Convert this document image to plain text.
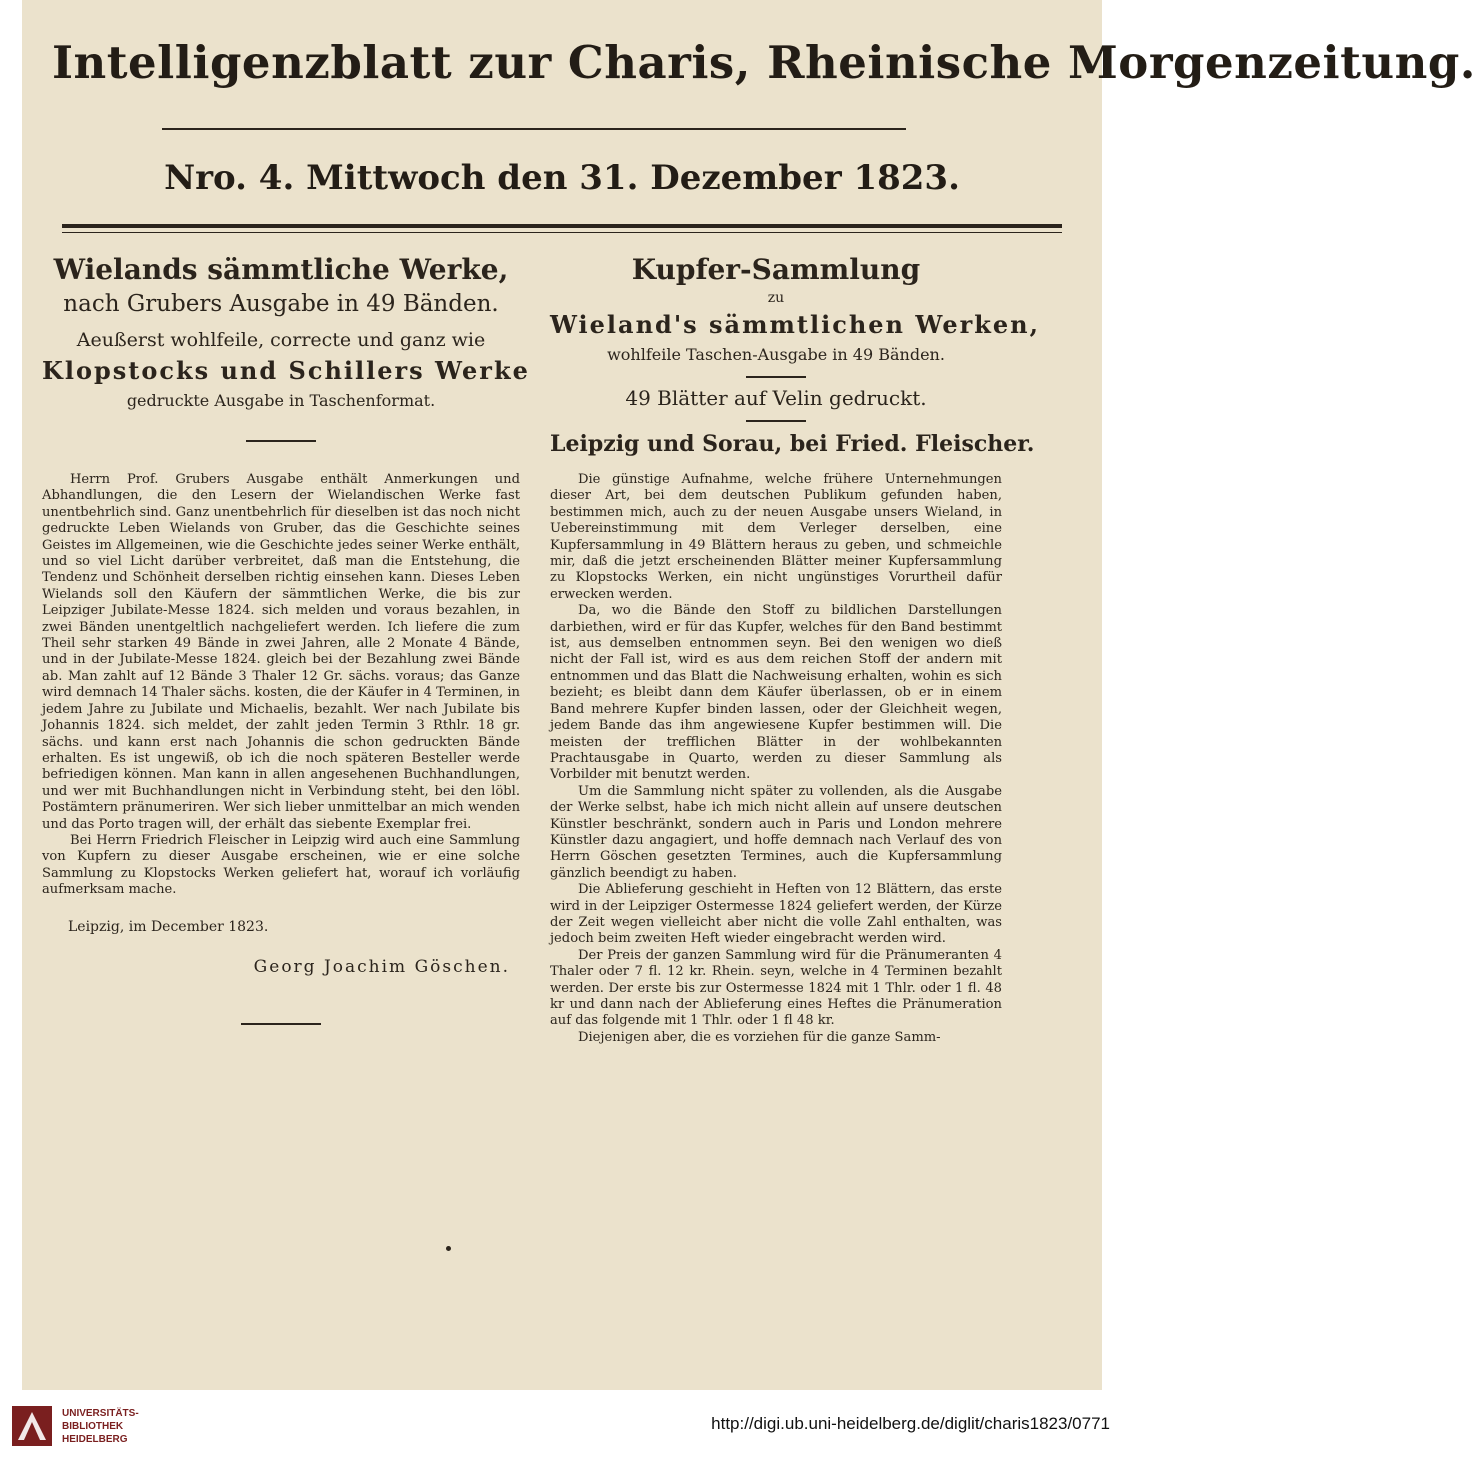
Intelligenzblatt zur Charis, Rheinische Morgenzeitung.
Nro. 4. Mittwoch den 31. Dezember 1823.

Wielands sämmtliche Werke,

nach Grubers Ausgabe in 49 Bänden.

Aeußerst wohlfeile, correcte und ganz wie

Klopstocks und Schillers Werke

gedruckte Ausgabe in Taschenformat.

Herrn Prof. Grubers Ausgabe enthält Anmerkungen und Abhandlungen, die den Lesern der Wielandischen Werke fast unentbehrlich sind. Ganz unentbehrlich für dieselben ist das noch nicht gedruckte Leben Wielands von Gruber, das die Geschichte seines Geistes im Allgemeinen, wie die Geschichte jedes seiner Werke enthält, und so viel Licht darüber verbreitet, daß man die Entstehung, die Tendenz und Schönheit derselben richtig einsehen kann. Dieses Leben Wielands soll den Käufern der sämmtlichen Werke, die bis zur Leipziger Jubilate-Messe 1824. sich melden und voraus bezahlen, in zwei Bänden unentgeltlich nachgeliefert werden. Ich liefere die zum Theil sehr starken 49 Bände in zwei Jahren, alle 2 Monate 4 Bände, und in der Jubilate-Messe 1824. gleich bei der Bezahlung zwei Bände ab. Man zahlt auf 12 Bände 3 Thaler 12 Gr. sächs. voraus; das Ganze wird demnach 14 Thaler sächs. kosten, die der Käufer in 4 Terminen, in jedem Jahre zu Jubilate und Michaelis, bezahlt. Wer nach Jubilate bis Johannis 1824. sich meldet, der zahlt jeden Termin 3 Rthlr. 18 gr. sächs. und kann erst nach Johannis die schon gedruckten Bände erhalten. Es ist ungewiß, ob ich die noch späteren Besteller werde befriedigen können. Man kann in allen angesehenen Buchhandlungen, und wer mit Buchhandlungen nicht in Verbindung steht, bei den löbl. Postämtern pränumeriren. Wer sich lieber unmittelbar an mich wenden und das Porto tragen will, der erhält das siebente Exemplar frei.

Bei Herrn Friedrich Fleischer in Leipzig wird auch eine Sammlung von Kupfern zu dieser Ausgabe erscheinen, wie er eine solche Sammlung zu Klopstocks Werken geliefert hat, worauf ich vorläufig aufmerksam mache.

Leipzig, im December 1823.

Georg Joachim Göschen.

Kupfer-Sammlung

zu

Wieland's sämmtlichen Werken,

wohlfeile Taschen-Ausgabe in 49 Bänden.

49 Blätter auf Velin gedruckt.

Leipzig und Sorau, bei Fried. Fleischer.

Die günstige Aufnahme, welche frühere Unternehmungen dieser Art, bei dem deutschen Publikum gefunden haben, bestimmen mich, auch zu der neuen Ausgabe unsers Wieland, in Uebereinstimmung mit dem Verleger derselben, eine Kupfersammlung in 49 Blättern heraus zu geben, und schmeichle mir, daß die jetzt erscheinenden Blätter meiner Kupfersammlung zu Klopstocks Werken, ein nicht ungünstiges Vorurtheil dafür erwecken werden.

Da, wo die Bände den Stoff zu bildlichen Darstellungen darbiethen, wird er für das Kupfer, welches für den Band bestimmt ist, aus demselben entnommen seyn. Bei den wenigen wo dieß nicht der Fall ist, wird es aus dem reichen Stoff der andern mit entnommen und das Blatt die Nachweisung erhalten, wohin es sich bezieht; es bleibt dann dem Käufer überlassen, ob er in einem Band mehrere Kupfer binden lassen, oder der Gleichheit wegen, jedem Bande das ihm angewiesene Kupfer bestimmen will. Die meisten der trefflichen Blätter in der wohlbekannten Prachtausgabe in Quarto, werden zu dieser Sammlung als Vorbilder mit benutzt werden.

Um die Sammlung nicht später zu vollenden, als die Ausgabe der Werke selbst, habe ich mich nicht allein auf unsere deutschen Künstler beschränkt, sondern auch in Paris und London mehrere Künstler dazu angagiert, und hoffe demnach nach Verlauf des von Herrn Göschen gesetzten Termines, auch die Kupfersammlung gänzlich beendigt zu haben.

Die Ablieferung geschieht in Heften von 12 Blättern, das erste wird in der Leipziger Ostermesse 1824 geliefert werden, der Kürze der Zeit wegen vielleicht aber nicht die volle Zahl enthalten, was jedoch beim zweiten Heft wieder eingebracht werden wird.

Der Preis der ganzen Sammlung wird für die Pränumeranten 4 Thaler oder 7 fl. 12 kr. Rhein. seyn, welche in 4 Terminen bezahlt werden. Der erste bis zur Ostermesse 1824 mit 1 Thlr. oder 1 fl. 48 kr und dann nach der Ablieferung eines Heftes die Pränumeration auf das folgende mit 1 Thlr. oder 1 fl 48 kr.

Diejenigen aber, die es vorziehen für die ganze Samm-

UNIVERSITÄTS-
BIBLIOTHEK
HEIDELBERG
http://digi.ub.uni-heidelberg.de/diglit/charis1823/0771
